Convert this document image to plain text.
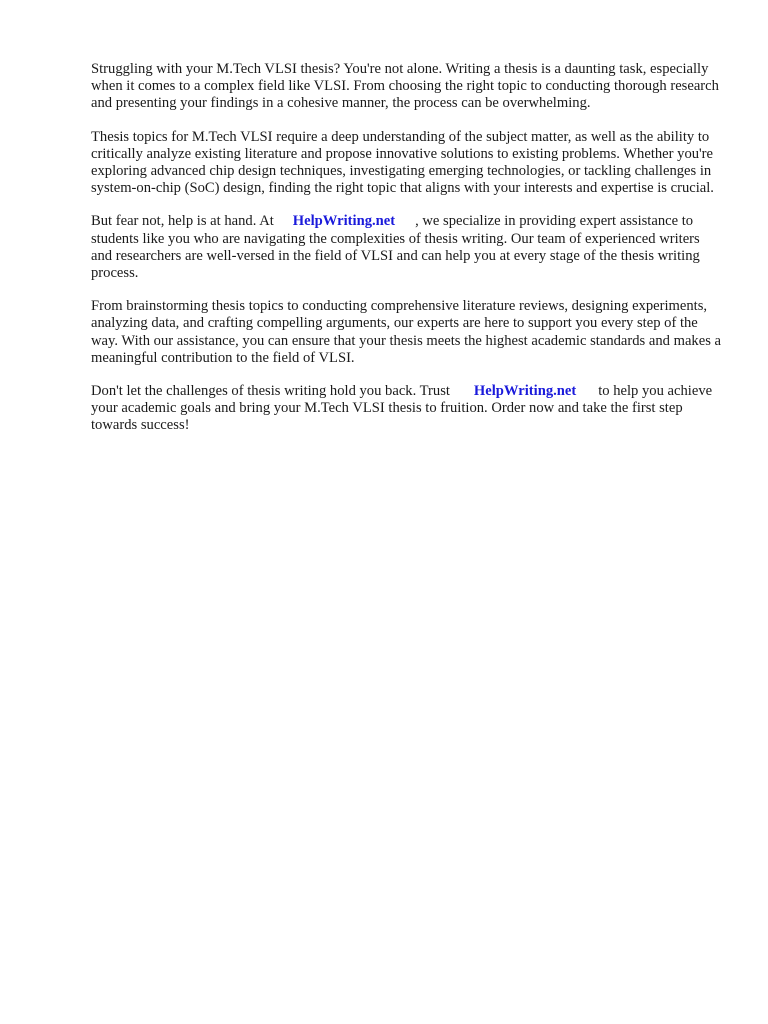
Struggling with your M.Tech VLSI thesis? You're not alone. Writing a thesis is a daunting task, especially when it comes to a complex field like VLSI. From choosing the right topic to conducting thorough research and presenting your findings in a cohesive manner, the process can be overwhelming.

Thesis topics for M.Tech VLSI require a deep understanding of the subject matter, as well as the ability to critically analyze existing literature and propose innovative solutions to existing problems. Whether you're exploring advanced chip design techniques, investigating emerging technologies, or tackling challenges in system-on-chip (SoC) design, finding the right topic that aligns with your interests and expertise is crucial.

But fear not, help is at hand. At HelpWriting.net , we specialize in providing expert assistance to students like you who are navigating the complexities of thesis writing. Our team of experienced writers and researchers are well-versed in the field of VLSI and can help you at every stage of the thesis writing process.

From brainstorming thesis topics to conducting comprehensive literature reviews, designing experiments, analyzing data, and crafting compelling arguments, our experts are here to support you every step of the way. With our assistance, you can ensure that your thesis meets the highest academic standards and makes a meaningful contribution to the field of VLSI.

Don't let the challenges of thesis writing hold you back. Trust HelpWriting.net to help you achieve your academic goals and bring your M.Tech VLSI thesis to fruition. Order now and take the first step towards success!
